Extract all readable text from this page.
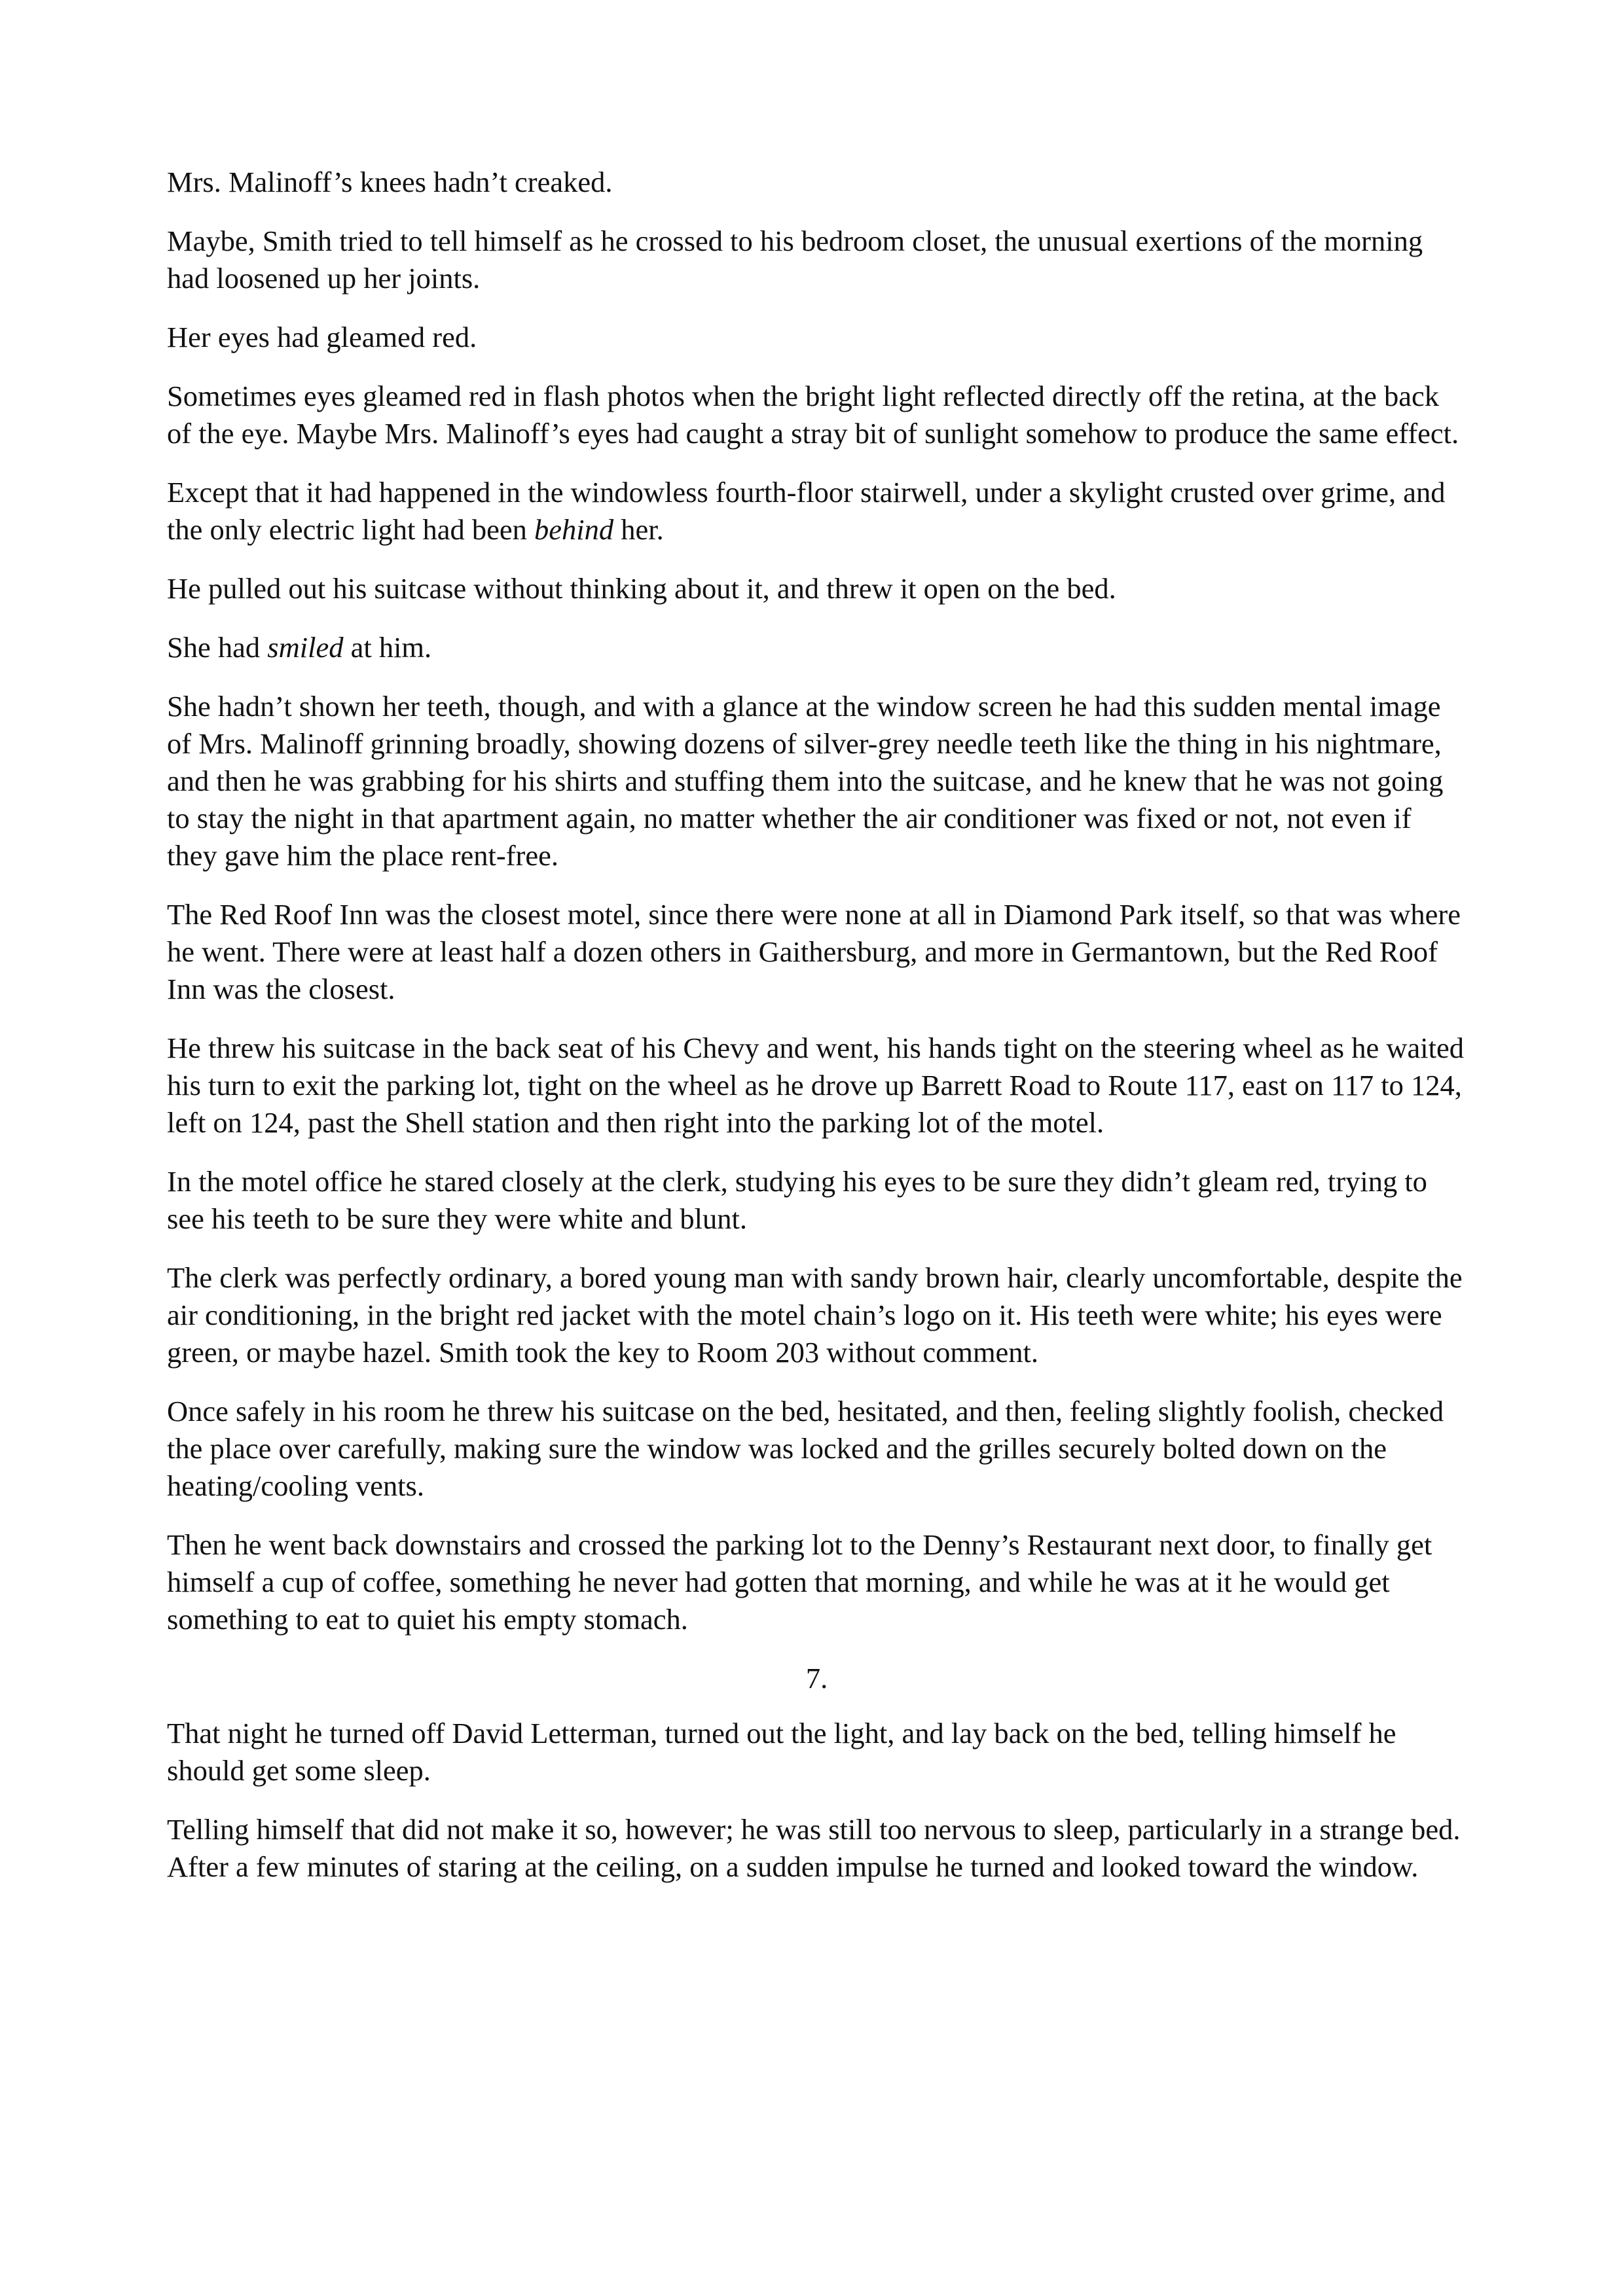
Mrs. Malinoff’s knees hadn’t creaked.

Maybe, Smith tried to tell himself as he crossed to his bedroom closet, the unusual exertions of the morning had loosened up her joints.

Her eyes had gleamed red.

Sometimes eyes gleamed red in flash photos when the bright light reflected directly off the retina, at the back of the eye. Maybe Mrs. Malinoff’s eyes had caught a stray bit of sunlight somehow to produce the same effect.

Except that it had happened in the windowless fourth-floor stairwell, under a skylight crusted over grime, and the only electric light had been behind her.

He pulled out his suitcase without thinking about it, and threw it open on the bed.

She had smiled at him.

She hadn’t shown her teeth, though, and with a glance at the window screen he had this sudden mental image of Mrs. Malinoff grinning broadly, showing dozens of silver-grey needle teeth like the thing in his nightmare, and then he was grabbing for his shirts and stuffing them into the suitcase, and he knew that he was not going to stay the night in that apartment again, no matter whether the air conditioner was fixed or not, not even if they gave him the place rent-free.

The Red Roof Inn was the closest motel, since there were none at all in Diamond Park itself, so that was where he went. There were at least half a dozen others in Gaithersburg, and more in Germantown, but the Red Roof Inn was the closest.

He threw his suitcase in the back seat of his Chevy and went, his hands tight on the steering wheel as he waited his turn to exit the parking lot, tight on the wheel as he drove up Barrett Road to Route 117, east on 117 to 124, left on 124, past the Shell station and then right into the parking lot of the motel.

In the motel office he stared closely at the clerk, studying his eyes to be sure they didn’t gleam red, trying to see his teeth to be sure they were white and blunt.

The clerk was perfectly ordinary, a bored young man with sandy brown hair, clearly uncomfortable, despite the air conditioning, in the bright red jacket with the motel chain’s logo on it. His teeth were white; his eyes were green, or maybe hazel. Smith took the key to Room 203 without comment.

Once safely in his room he threw his suitcase on the bed, hesitated, and then, feeling slightly foolish, checked the place over carefully, making sure the window was locked and the grilles securely bolted down on the heating/cooling vents.

Then he went back downstairs and crossed the parking lot to the Denny’s Restaurant next door, to finally get himself a cup of coffee, something he never had gotten that morning, and while he was at it he would get something to eat to quiet his empty stomach.

7.

That night he turned off David Letterman, turned out the light, and lay back on the bed, telling himself he should get some sleep.

Telling himself that did not make it so, however; he was still too nervous to sleep, particularly in a strange bed. After a few minutes of staring at the ceiling, on a sudden impulse he turned and looked toward the window.
